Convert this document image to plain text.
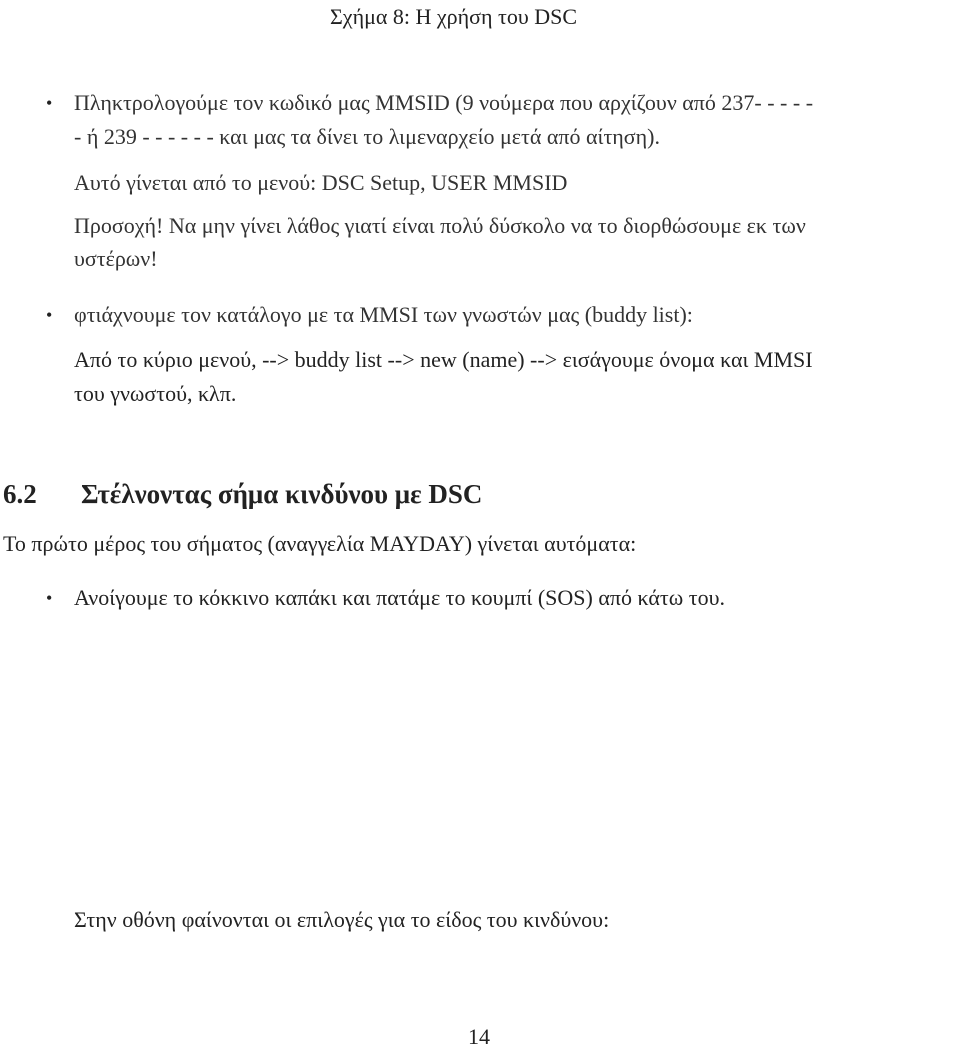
Σχήμα 8: Η χρήση του DSC
• Πληκτρολογούμε τον κωδικό μας MMSID (9 νούμερα που αρχίζουν από 237- - - - -
- ή 239 - - - - - - και μας τα δίνει το λιμεναρχείο μετά από αίτηση).
Αυτό γίνεται από το μενού: DSC Setup, USER MMSID
Προσοχή! Να μην γίνει λάθος γιατί είναι πολύ δύσκολο να το διορθώσουμε εκ των
υστέρων!
• φτιάχνουμε τον κατάλογο με τα MMSI των γνωστών μας (buddy list):
Από το κύριο μενού, --> buddy list --> new (name) --> εισάγουμε όνομα και MMSI
του γνωστού, κλπ.
6.2 Στέλνοντας σήμα κινδύνου με DSC
Το πρώτο μέρος του σήματος (αναγγελία MAYDAY) γίνεται αυτόματα:
• Ανοίγουμε το κόκκινο καπάκι και πατάμε το κουμπί (SOS) από κάτω του.
Στην οθόνη φαίνονται οι επιλογές για το είδος του κινδύνου:
14
